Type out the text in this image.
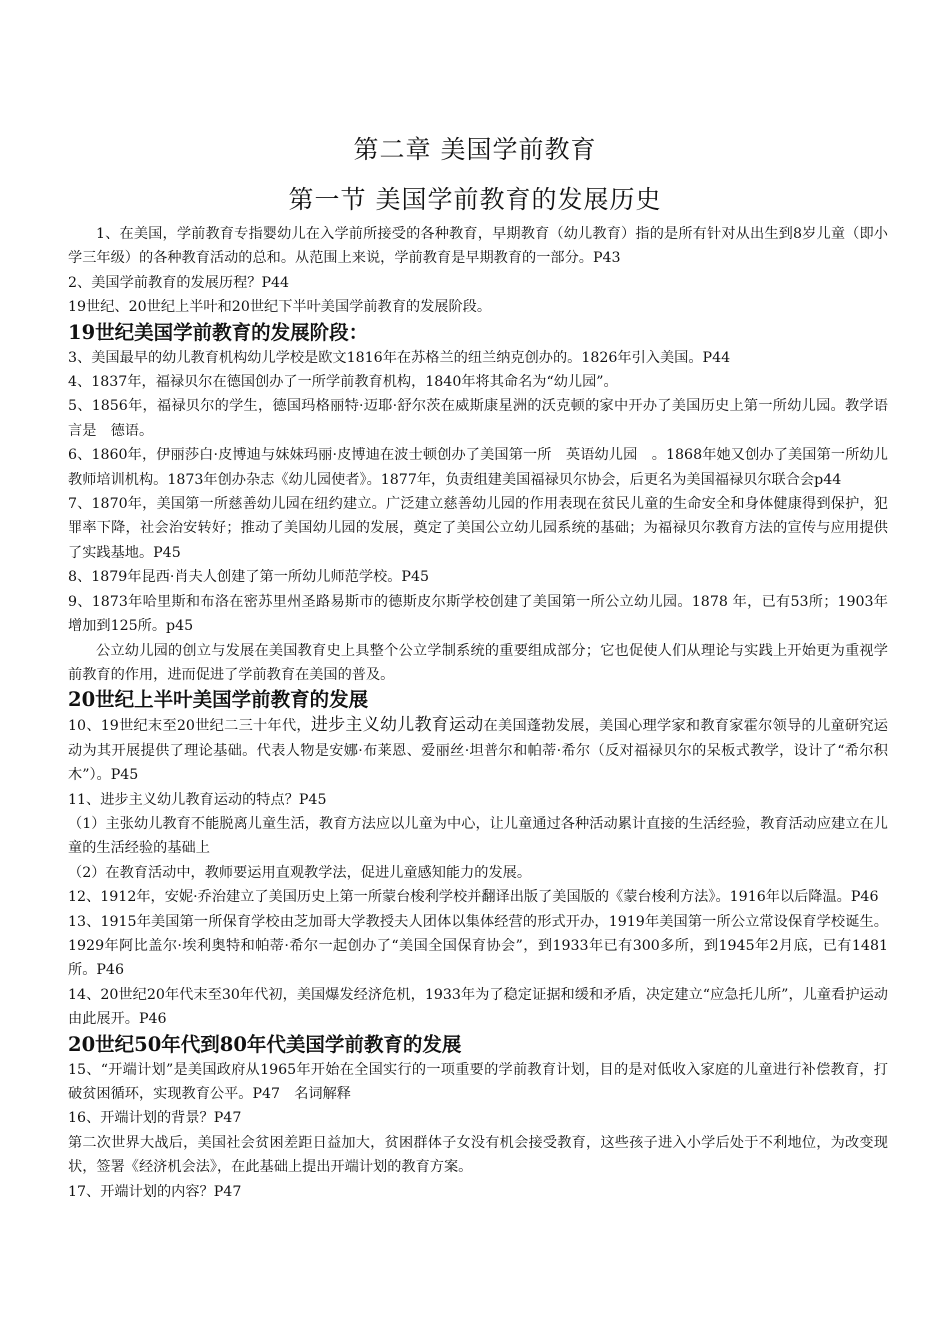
第二章 美国学前教育
第一节 美国学前教育的发展历史

1、在美国，学前教育专指婴幼儿在入学前所接受的各种教育，早期教育（幼儿教育）指的是所有针对从出生到8岁儿童（即小学三年级）的各种教育活动的总和。从范围上来说，学前教育是早期教育的一部分。P43

2、美国学前教育的发展历程？P44

19世纪、20世纪上半叶和20世纪下半叶美国学前教育的发展阶段。

19世纪美国学前教育的发展阶段：

3、美国最早的幼儿教育机构幼儿学校是欧文1816年在苏格兰的纽兰纳克创办的。1826年引入美国。P44

4、1837年，福禄贝尔在德国创办了一所学前教育机构，1840年将其命名为“幼儿园”。

5、1856年，福禄贝尔的学生，德国玛格丽特·迈耶·舒尔茨在威斯康星洲的沃克顿的家中开办了美国历史上第一所幼儿园。教学语言是　德语。

6、1860年，伊丽莎白·皮博迪与妹妹玛丽·皮博迪在波士顿创办了美国第一所　英语幼儿园　。1868年她又创办了美国第一所幼儿教师培训机构。1873年创办杂志《幼儿园使者》。1877年，负责组建美国福禄贝尔协会，后更名为美国福禄贝尔联合会p44

7、1870年，美国第一所慈善幼儿园在纽约建立。广泛建立慈善幼儿园的作用表现在贫民儿童的生命安全和身体健康得到保护，犯罪率下降，社会治安转好；推动了美国幼儿园的发展，奠定了美国公立幼儿园系统的基础；为福禄贝尔教育方法的宣传与应用提供了实践基地。P45

8、1879年昆西·肖夫人创建了第一所幼儿师范学校。P45

9、1873年哈里斯和布洛在密苏里州圣路易斯市的德斯皮尔斯学校创建了美国第一所公立幼儿园。1878 年，已有53所；1903年增加到125所。p45

公立幼儿园的创立与发展在美国教育史上具整个公立学制系统的重要组成部分；它也促使人们从理论与实践上开始更为重视学前教育的作用，进而促进了学前教育在美国的普及。

20世纪上半叶美国学前教育的发展

10、19世纪末至20世纪二三十年代，进步主义幼儿教育运动在美国蓬勃发展，美国心理学家和教育家霍尔领导的儿童研究运动为其开展提供了理论基础。代表人物是安娜·布莱恩、爱丽丝·坦普尔和帕蒂·希尔（反对福禄贝尔的呆板式教学，设计了“希尔积木”）。P45

11、进步主义幼儿教育运动的特点？P45

（1）主张幼儿教育不能脱离儿童生活，教育方法应以儿童为中心，让儿童通过各种活动累计直接的生活经验，教育活动应建立在儿童的生活经验的基础上

（2）在教育活动中，教师要运用直观教学法，促进儿童感知能力的发展。

12、1912年，安妮·乔治建立了美国历史上第一所蒙台梭利学校并翻译出版了美国版的《蒙台梭利方法》。1916年以后降温。P46

13、1915年美国第一所保育学校由芝加哥大学教授夫人团体以集体经营的形式开办，1919年美国第一所公立常设保育学校诞生。1929年阿比盖尔·埃利奥特和帕蒂·希尔一起创办了“美国全国保育协会”，到1933年已有300多所，到1945年2月底，已有1481所。P46

14、20世纪20年代末至30年代初，美国爆发经济危机，1933年为了稳定证据和缓和矛盾，决定建立“应急托儿所”，儿童看护运动由此展开。P46

20世纪50年代到80年代美国学前教育的发展

15、“开端计划”是美国政府从1965年开始在全国实行的一项重要的学前教育计划，目的是对低收入家庭的儿童进行补偿教育，打破贫困循环，实现教育公平。P47　名词解释

16、开端计划的背景？P47

第二次世界大战后，美国社会贫困差距日益加大，贫困群体子女没有机会接受教育，这些孩子进入小学后处于不利地位，为改变现状，签署《经济机会法》，在此基础上提出开端计划的教育方案。

17、开端计划的内容？P47
